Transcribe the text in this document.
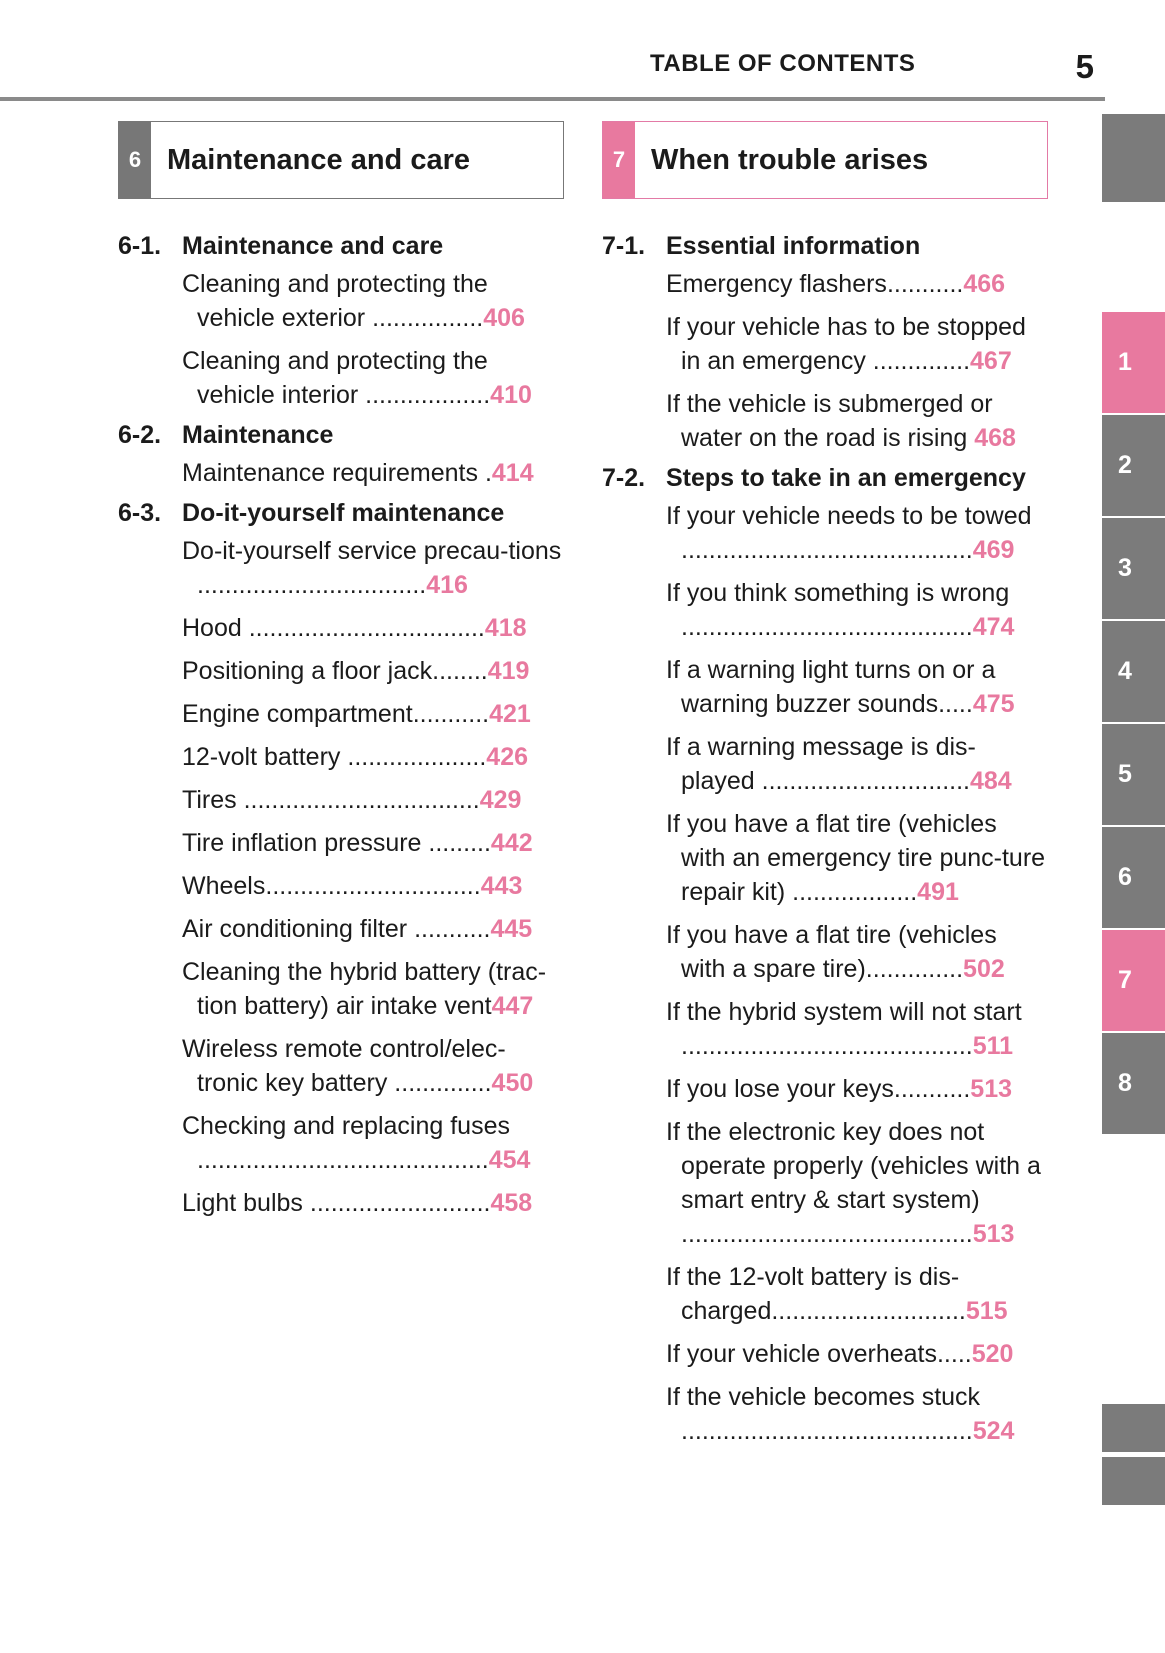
TABLE OF CONTENTS	5
6 Maintenance and care	7 When trouble arises
6-1. Maintenance and care
Cleaning and protecting the vehicle exterior ................406
Cleaning and protecting the vehicle interior ..................410
6-2. Maintenance
Maintenance requirements .414
6-3. Do-it-yourself maintenance
Do-it-yourself service precau-tions .................................416
Hood ..................................418
Positioning a floor jack........419
Engine compartment...........421
12-volt battery ....................426
Tires ..................................429
Tire inflation pressure .........442
Wheels...............................443
Air conditioning filter ...........445
Cleaning the hybrid battery (trac-tion battery) air intake vent447
Wireless remote control/elec-tronic key battery ..............450
Checking and replacing fuses ..........................................454
Light bulbs ..........................458
7-1. Essential information
Emergency flashers...........466
If your vehicle has to be stopped in an emergency ..............467
If the vehicle is submerged or water on the road is rising 468
7-2. Steps to take in an emergency
If your vehicle needs to be towed ..........................................469
If you think something is wrong ..........................................474
If a warning light turns on or a warning buzzer sounds.....475
If a warning message is dis-played ..............................484
If you have a flat tire (vehicles with an emergency tire punc-ture repair kit) ..................491
If you have a flat tire (vehicles with a spare tire)..............502
If the hybrid system will not start ..........................................511
If you lose your keys...........513
If the electronic key does not operate properly (vehicles with a smart entry & start system) ..........................................513
If the 12-volt battery is dis-charged............................515
If your vehicle overheats.....520
If the vehicle becomes stuck ..........................................524
1
2
3
4
5
6
7
8
